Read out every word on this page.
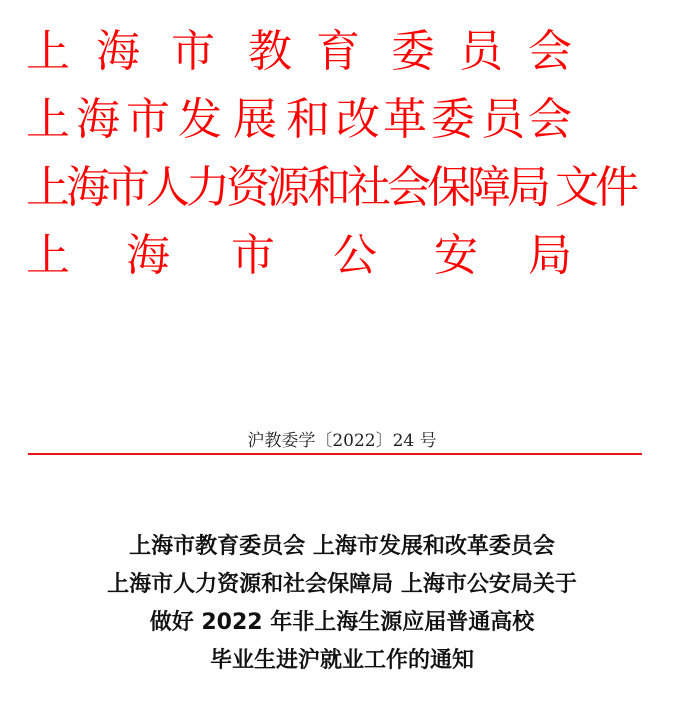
上 海 市 教 育 委 员 会
上 海 市 发 展 和 改 革 委 员 会
上
海
市
人
力
资
源
和
社
会
保
障
局 文
件
上 海 市 公 安 局
沪教委学〔2022〕24 号
上海市教育委员会 上海市发展和改革委员会
上海市人力资源和社会保障局 上海市公安局关于
做好 2022 年非上海生源应届普通高校
毕业生进沪就业工作的通知
